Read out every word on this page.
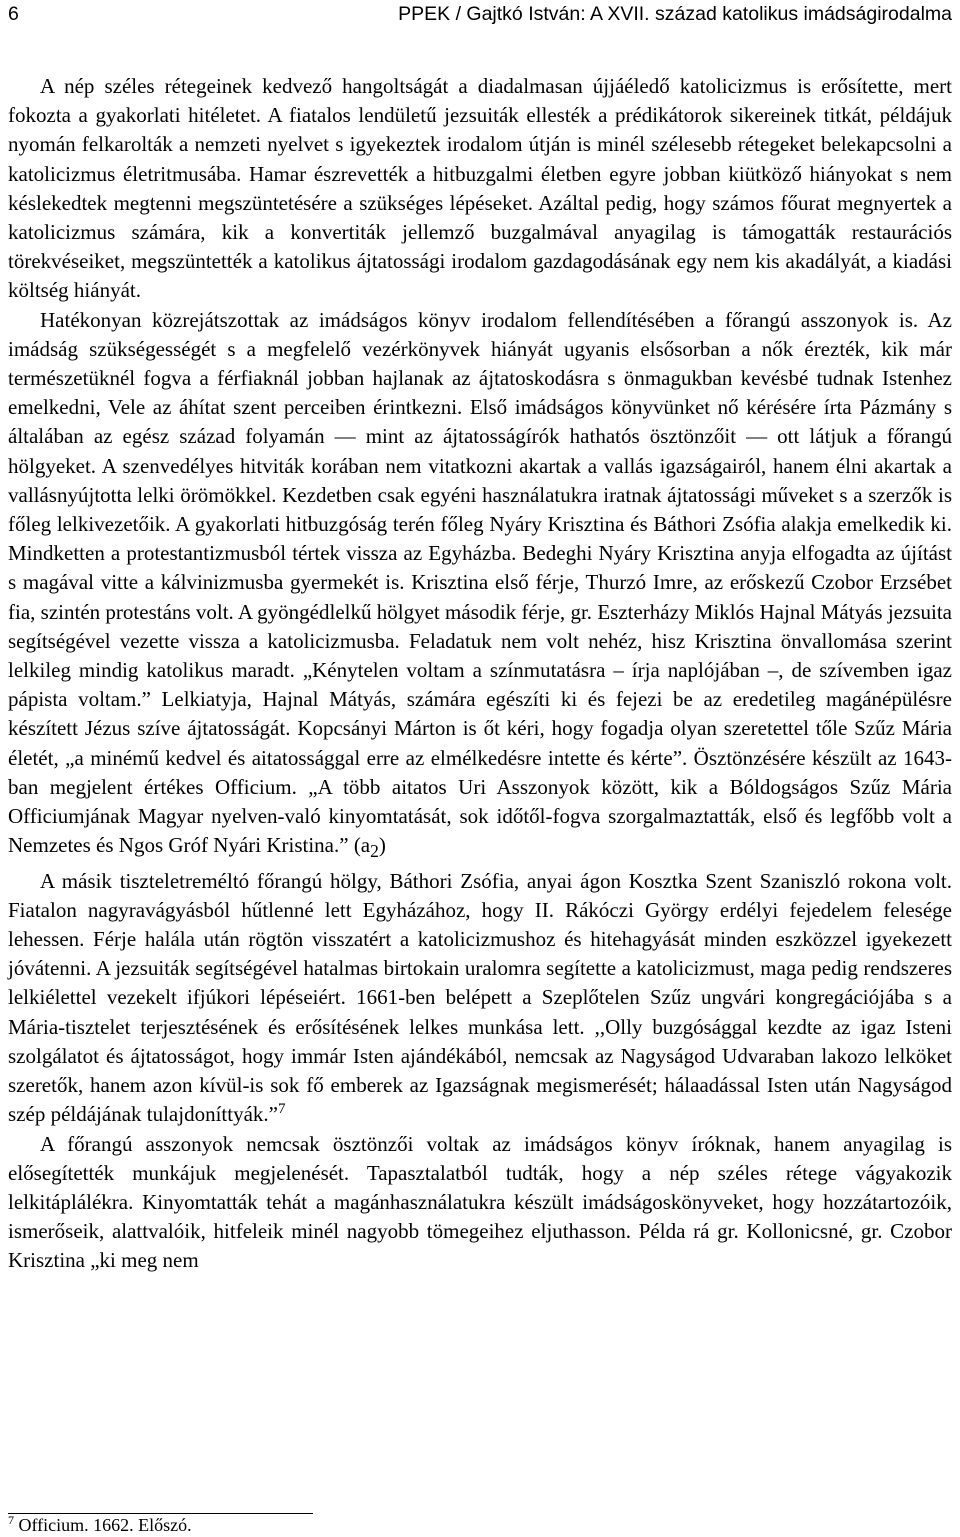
6	PPEK / Gajtkó István: A XVII. század katolikus imádságirodalma

A nép széles rétegeinek kedvező hangoltságát a diadalmasan újjáéledő katolicizmus is erősítette, mert fokozta a gyakorlati hitéletet. A fiatalos lendületű jezsuiták ellesték a prédikátorok sikereinek titkát, példájuk nyomán felkarolták a nemzeti nyelvet s igyekeztek irodalom útján is minél szélesebb rétegeket belekapcsolni a katolicizmus életritmusába. Hamar észrevették a hitbuzgalmi életben egyre jobban kiütköző hiányokat s nem késlekedtek megtenni megszüntetésére a szükséges lépéseket. Azáltal pedig, hogy számos főurat megnyertek a katolicizmus számára, kik a konvertiták jellemző buzgalmával anyagilag is támogatták restaurációs törekvéseiket, megszüntették a katolikus ájtatossági irodalom gazdagodásának egy nem kis akadályát, a kiadási költség hiányát.

Hatékonyan közrejátszottak az imádságos könyv irodalom fellendítésében a főrangú asszonyok is. Az imádság szükségességét s a megfelelő vezérkönyvek hiányát ugyanis elsősorban a nők érezték, kik már természetüknél fogva a férfiaknál jobban hajlanak az ájtatoskodásra s önmagukban kevésbé tudnak Istenhez emelkedni, Vele az áhítat szent perceiben érintkezni. Első imádságos könyvünket nő kérésére írta Pázmány s általában az egész század folyamán — mint az ájtatosságírók hathatós ösztönzőit — ott látjuk a főrangú hölgyeket. A szenvedélyes hitviták korában nem vitatkozni akartak a vallás igazságairól, hanem élni akartak a vallásnyújtotta lelki örömökkel. Kezdetben csak egyéni használatukra iratnak ájtatossági műveket s a szerzők is főleg lelkivezetőik. A gyakorlati hitbuzgóság terén főleg Nyáry Krisztina és Báthori Zsófia alakja emelkedik ki. Mindketten a protestantizmusból tértek vissza az Egyházba. Bedeghi Nyáry Krisztina anyja elfogadta az újítást s magával vitte a kálvinizmusba gyermekét is. Krisztina első férje, Thurzó Imre, az erőskezű Czobor Erzsébet fia, szintén protestáns volt. A gyöngédlelkű hölgyet második férje, gr. Eszterházy Miklós Hajnal Mátyás jezsuita segítségével vezette vissza a katolicizmusba. Feladatuk nem volt nehéz, hisz Krisztina önvallomása szerint lelkileg mindig katolikus maradt. „Kénytelen voltam a színmutatásra – írja naplójában –, de szívemben igaz pápista voltam.” Lelkiatyja, Hajnal Mátyás, számára egészíti ki és fejezi be az eredetileg magánépülésre készített Jézus szíve ájtatosságát. Kopcsányi Márton is őt kéri, hogy fogadja olyan szeretettel tőle Szűz Mária életét, „a minémű kedvel és aitatossággal erre az elmélkedésre intette és kérte”. Ösztönzésére készült az 1643-ban megjelent értékes Officium. „A több aitatos Uri Asszonyok között, kik a Bóldogságos Szűz Mária Officiumjának Magyar nyelven-való kinyomtatását, sok időtől-fogva szorgalmaztatták, első és legfőbb volt a Nemzetes és Ngos Gróf Nyári Kristina.” $(a_2)$

A másik tiszteletreméltó főrangú hölgy, Báthori Zsófia, anyai ágon Kosztka Szent Szaniszló rokona volt. Fiatalon nagyravágyásból hűtlenné lett Egyházához, hogy II. Rákóczi György erdélyi fejedelem felesége lehessen. Férje halála után rögtön visszatért a katolicizmushoz és hitehagyását minden eszközzel igyekezett jóvátenni. A jezsuiták segítségével hatalmas birtokain uralomra segítette a katolicizmust, maga pedig rendszeres lelkiélettel vezekelt ifjúkori lépéseiért. 1661-ben belépett a Szeplőtelen Szűz ungvári kongregációjába s a Mária-tisztelet terjesztésének és erősítésének lelkes munkása lett. ,,Olly buzgósággal kezdte az igaz Isteni szolgálatot és ájtatosságot, hogy immár Isten ajándékából, nemcsak az Nagyságod Udvaraban lakozo lelköket szeretők, hanem azon kívül-is sok fő emberek az Igazságnak megismerését; hálaadással Isten után Nagyságod szép példájának tulajdoníttyák.”$^7$

A főrangú asszonyok nemcsak ösztönzői voltak az imádságos könyv íróknak, hanem anyagilag is elősegítették munkájuk megjelenését. Tapasztalatból tudták, hogy a nép széles rétege vágyakozik lelkitáplálékra. Kinyomtatták tehát a magánhasználatukra készült imádságoskönyveket, hogy hozzátartozóik, ismerőseik, alattvalóik, hitfeleik minél nagyobb tömegeihez eljuthasson. Példa rá gr. Kollonicsné, gr. Czobor Krisztina „ki meg nem

$^7$ Officium. 1662. Előszó.
